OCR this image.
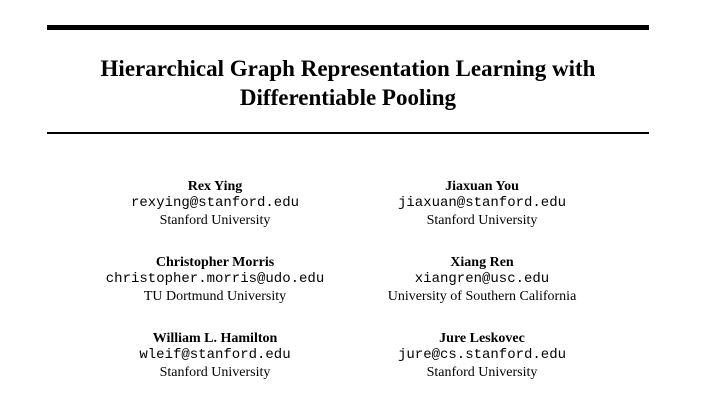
Hierarchical Graph Representation Learning with
Differentiable Pooling
Rex Ying
rexying@stanford.edu
Stanford University
Jiaxuan You
jiaxuan@stanford.edu
Stanford University
Christopher Morris
christopher.morris@udo.edu
TU Dortmund University
Xiang Ren
xiangren@usc.edu
University of Southern California
William L. Hamilton
wleif@stanford.edu
Stanford University
Jure Leskovec
jure@cs.stanford.edu
Stanford University
